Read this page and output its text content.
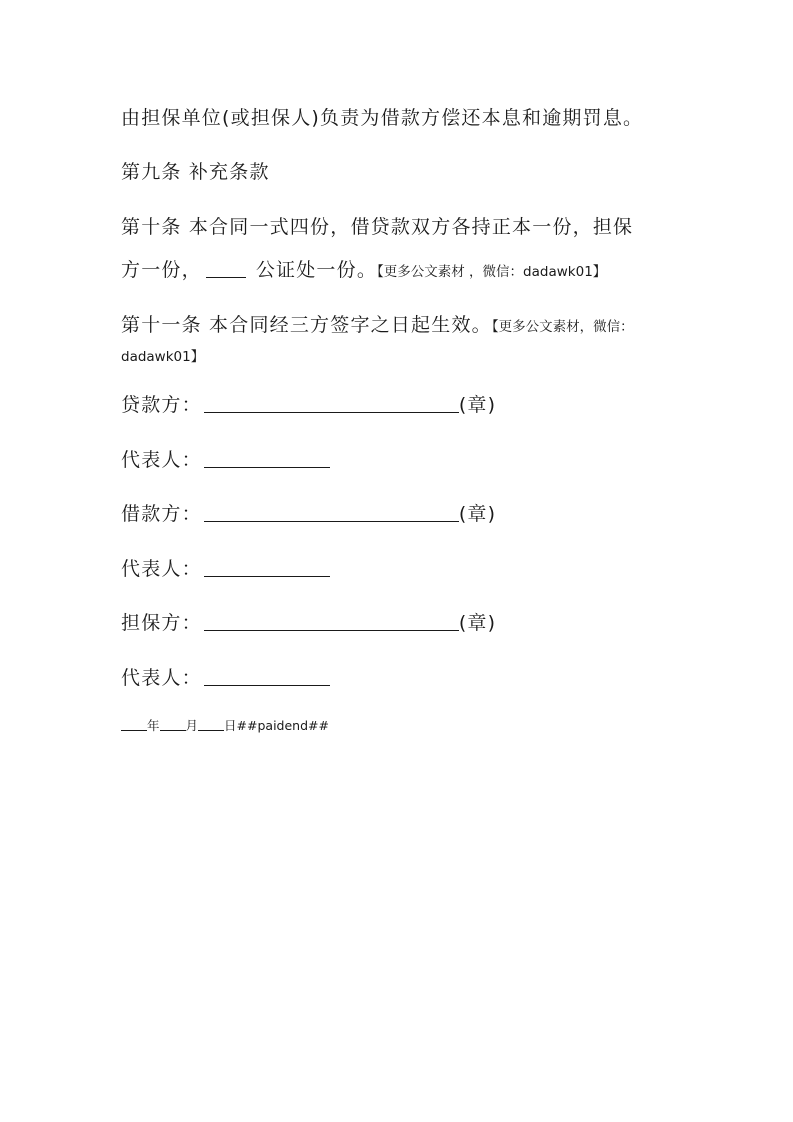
由担保单位(或担保人)负责为借款方偿还本息和逾期罚息。
第九条 补充条款
第十条 本合同一式四份，借贷款双方各持正本一份，担保
方一份，	公证处一份。【更多公文素材 ，微信：dadawk01】
第十一条 本合同经三方签字之日起生效。【更多公文素材，微信：
dadawk01】
贷款方：	(章)
代表人：
借款方：	(章)
代表人：
担保方：	(章)
代表人：
年 月 日##paidend##
